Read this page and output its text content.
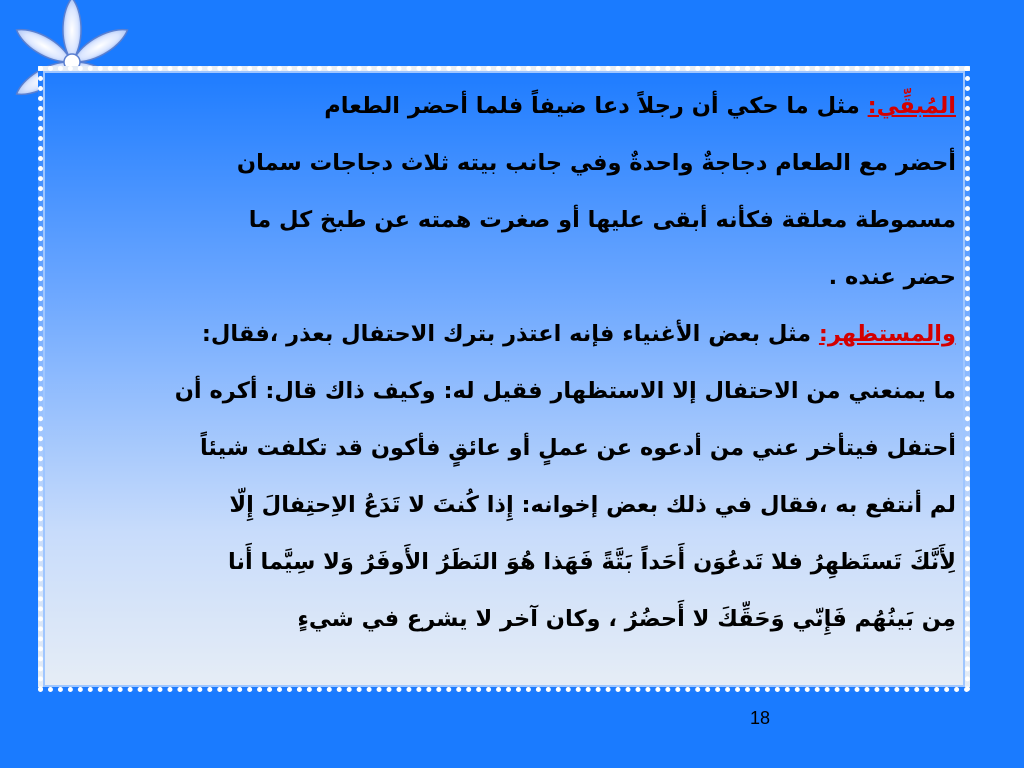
المُبقِّي: مثل ما حكي أن رجلاً دعا ضيفاً فلما أحضر الطعام
أحضر مع الطعام دجاجةٌ واحدةٌ وفي جانب بيته ثلاث دجاجات سمان
مسموطة معلقة فكأنه أبقى عليها أو صغرت همته عن طبخ كل ما
حضر عنده .
والمستظهر: مثل بعض الأغنياء فإنه اعتذر بترك الاحتفال بعذر ،فقال:
ما يمنعني من الاحتفال إلا الاستظهار فقيل له: وكيف ذاك قال: أكره أن
أحتفل فيتأخر عني من أدعوه عن عملٍ أو عائقٍ فأكون قد تكلفت شيئاً
لم أنتفع به ،فقال في ذلك بعض إخوانه: إِذا كُنتَ لا تَدَعُ الاِحتِفالَ إِلّا
لِأَنَّكَ تَستَظهِرُ فلا تَدعُوَن أَحَداً بَتَّةً فَهَذا هُوَ النَظَرُ الأَوفَرُ وَلا سِيَّما أَنا
مِن بَينُهُم فَإِنّي وَحَقِّكَ لا أَحضُرُ ، وكان آخر لا يشرع في شيءٍ
18
